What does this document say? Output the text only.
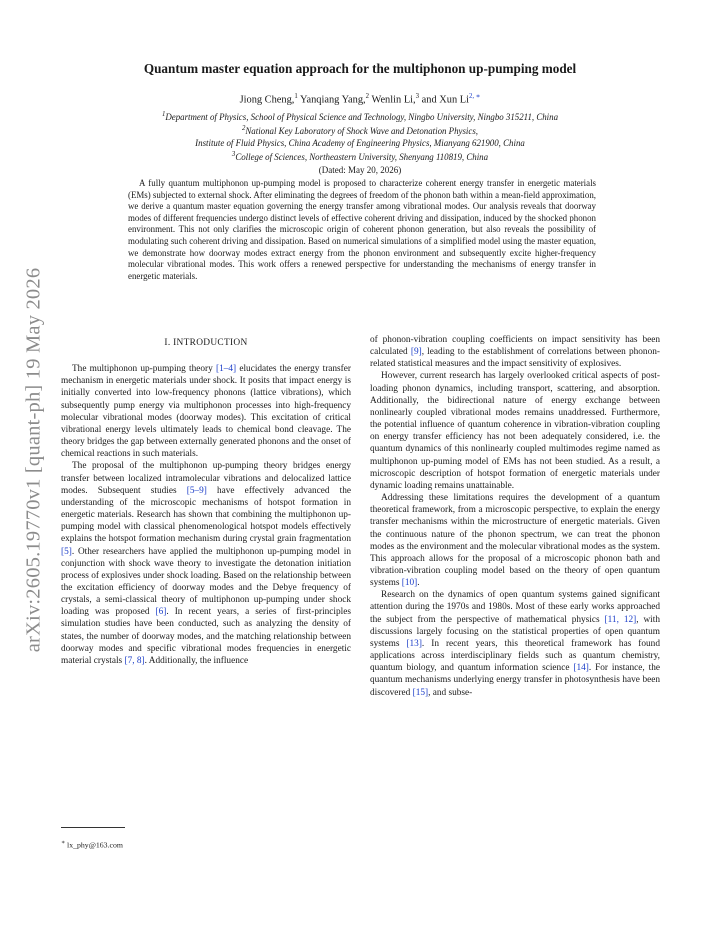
arXiv:2605.19770v1 [quant-ph] 19 May 2026
Quantum master equation approach for the multiphonon up-pumping model
Jiong Cheng,$^1$ Yanqiang Yang,$^2$ Wenlin Li,$^3$ and Xun $Li^{2, ∗}$
$^1$Department of Physics, School of Physical Science and Technology, Ningbo University, Ningbo 315211, China
$^2$National Key Laboratory of Shock Wave and Detonation Physics,
Institute of Fluid Physics, China Academy of Engineering Physics, Mianyang 621900, China
$^3$College of Sciences, Northeastern University, Shenyang 110819, China
(Dated: May 20, 2026)
A fully quantum multiphonon up-pumping model is proposed to characterize coherent energy transfer in energetic materials (EMs) subjected to external shock. After eliminating the degrees of freedom of the phonon bath within a mean-field approximation, we derive a quantum master equation governing the energy transfer among vibrational modes. Our analysis reveals that doorway modes of different frequencies undergo distinct levels of effective coherent driving and dissipation, induced by the shocked phonon environment. This not only clarifies the microscopic origin of coherent phonon generation, but also reveals the possibility of modulating such coherent driving and dissipation. Based on numerical simulations of a simplified model using the master equation, we demonstrate how doorway modes extract energy from the phonon environment and subsequently excite higher-frequency molecular vibrational modes. This work offers a renewed perspective for understanding the mechanisms of energy transfer in energetic materials.
I. INTRODUCTION

The multiphonon up-pumping theory [1–4] elucidates the energy transfer mechanism in energetic materials under shock. It posits that impact energy is initially converted into low-frequency phonons (lattice vibrations), which subsequently pump energy via multiphonon processes into high-frequency molecular vibrational modes (doorway modes). This excitation of critical vibrational energy levels ultimately leads to chemical bond cleavage. The theory bridges the gap between externally generated phonons and the onset of chemical reactions in such materials.

The proposal of the multiphonon up-pumping theory bridges energy transfer between localized intramolecular vibrations and delocalized lattice modes. Subsequent studies [5–9] have effectively advanced the understanding of the microscopic mechanisms of hotspot formation in energetic materials. Research has shown that combining the multiphonon up-pumping model with classical phenomenological hotspot models effectively explains the hotspot formation mechanism during crystal grain fragmentation [5]. Other researchers have applied the multiphonon up-pumping model in conjunction with shock wave theory to investigate the detonation initiation process of explosives under shock loading. Based on the relationship between the excitation efficiency of doorway modes and the Debye frequency of crystals, a semi-classical theory of multiphonon up-pumping under shock loading was proposed [6]. In recent years, a series of first-principles simulation studies have been conducted, such as analyzing the density of states, the number of doorway modes, and the matching relationship between doorway modes and specific vibrational modes frequencies in energetic material crystals [7, 8]. Additionally, the influence

of phonon-vibration coupling coefficients on impact sensitivity has been calculated [9], leading to the establishment of correlations between phonon-related statistical measures and the impact sensitivity of explosives.

However, current research has largely overlooked critical aspects of post-loading phonon dynamics, including transport, scattering, and absorption. Additionally, the bidirectional nature of energy exchange between nonlinearly coupled vibrational modes remains unaddressed. Furthermore, the potential influence of quantum coherence in vibration-vibration coupling on energy transfer efficiency has not been adequately considered, i.e. the quantum dynamics of this nonlinearly coupled multimodes regime named as multiphonon up-puming model of EMs has not been studied. As a result, a microscopic description of hotspot formation of energetic materials under dynamic loading remains unattainable.

Addressing these limitations requires the development of a quantum theoretical framework, from a microscopic perspective, to explain the energy transfer mechanisms within the microstructure of energetic materials. Given the continuous nature of the phonon spectrum, we can treat the phonon modes as the environment and the molecular vibrational modes as the system. This approach allows for the proposal of a microscopic phonon bath and vibration-vibration coupling model based on the theory of open quantum systems [10].

Research on the dynamics of open quantum systems gained significant attention during the 1970s and 1980s. Most of these early works approached the subject from the perspective of mathematical physics [11, 12], with discussions largely focusing on the statistical properties of open quantum systems [13]. In recent years, this theoretical framework has found applications across interdisciplinary fields such as quantum chemistry, quantum biology, and quantum information science [14]. For instance, the quantum mechanisms underlying energy transfer in photosynthesis have been discovered [15], and subse-

∗ lx_phy@163.com
